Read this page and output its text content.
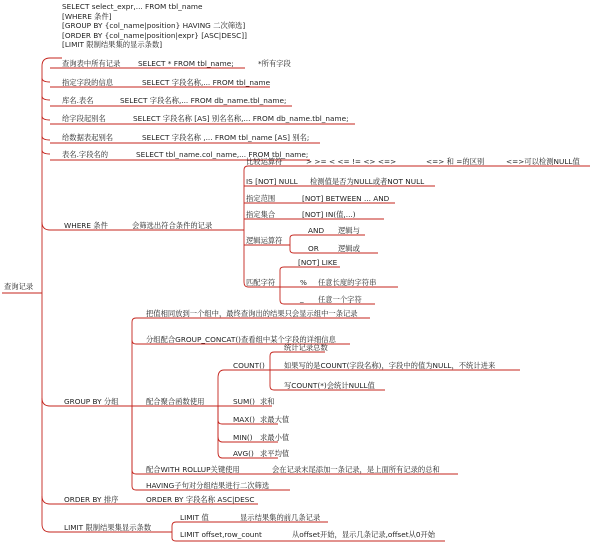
SELECT select_expr,... FROM tbl_name
[WHERE 条件]
[GROUP BY {col_name|position} HAVING 二次筛选]
[ORDER BY {col_name|position|expr} [ASC|DESC]]
[LIMIT 限制结果集的显示条数]
查询记录
查询表中所有记录 SELECT * FROM tbl_name;	*所有字段
指定字段的信息	SELECT 字段名称,... FROM tbl_name
库名.表名	SELECT 字段名称,... FROM db_name.tbl_name;
给字段起别名	SELECT 字段名称 [AS] 别名名称,... FROM db_name.tbl_name;
给数据表起别名	SELECT 字段名称 ,... FROM tbl_name [AS] 别名;
表名.字段名的	SELECT tbl_name.col_name,... FROM tbl_name;
WHERE 条件	会筛选出符合条件的记录
比较运算符	> >= < <= != <> <=>	<=> 和 =的区别	<=>可以检测NULL值
IS [NOT] NULL 检测值是否为NULL或者NOT NULL
指定范围	[NOT] BETWEEN ... AND
指定集合	[NOT] IN(值,...)
逻辑运算符
AND 逻辑与
OR	逻辑或
匹配字符
[NOT] LIKE
% 任意长度的字符串
_ 任意一个字符
GROUP BY 分组
把值相同放到一个组中，最终查询出的结果只会显示组中一条记录
分组配合GROUP_CONCAT()查看组中某个字段的详细信息
配合聚合函数使用
COUNT()
统计记录总数
如果写的是COUNT(字段名称)，字段中的值为NULL，不统计进来
写COUNT(*)会统计NULL值
SUM() 求和
MAX() 求最大值
MIN() 求最小值
AVG() 求平均值
配合WITH ROLLUP关键使用	会在记录末尾添加一条记录，是上面所有记录的总和
HAVING子句对分组结果进行二次筛选
ORDER BY 排序	ORDER BY 字段名称 ASC|DESC
LIMIT 限制结果集显示条数
LIMIT 值	显示结果集的前几条记录
LIMIT offset,row_count	从offset开始，显示几条记录,offset从0开始
